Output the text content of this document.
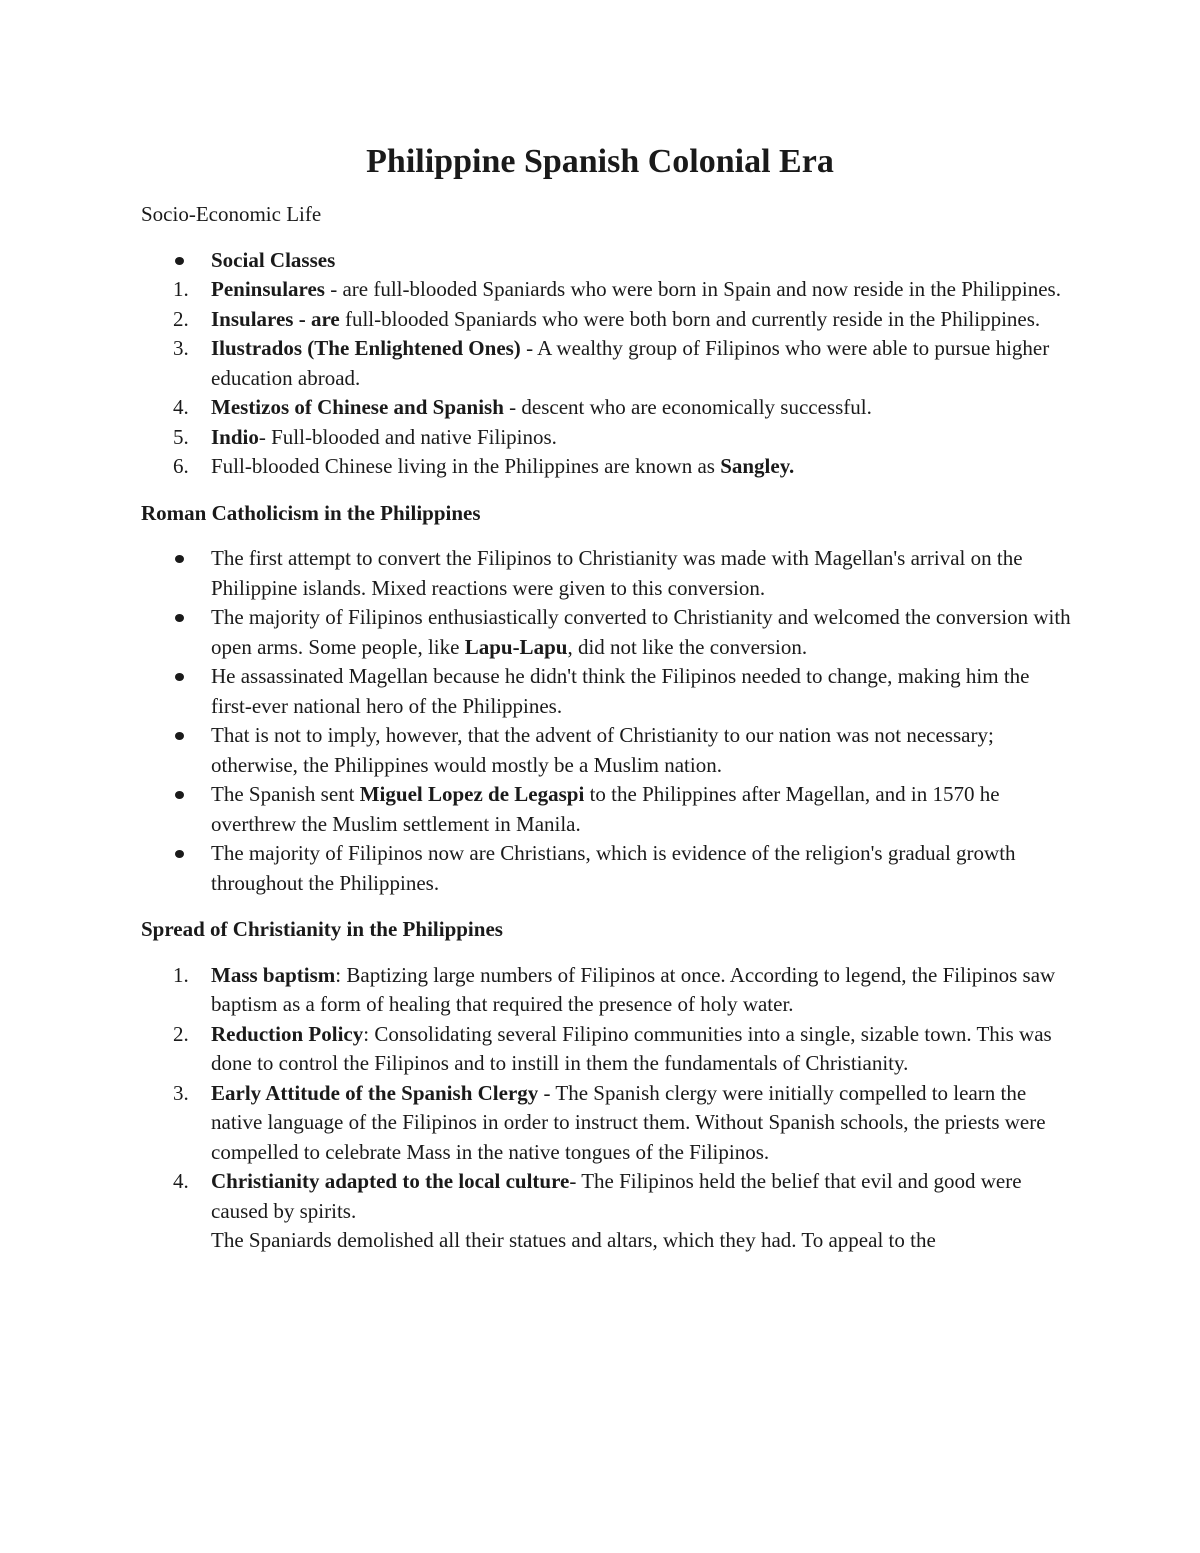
Philippine Spanish Colonial Era

Socio-Economic Life

Social Classes
1. Peninsulares - are full-blooded Spaniards who were born in Spain and now reside in the Philippines.
2. Insulares - are full-blooded Spaniards who were both born and currently reside in the Philippines.
3. Ilustrados (The Enlightened Ones) - A wealthy group of Filipinos who were able to pursue higher education abroad.
4. Mestizos of Chinese and Spanish - descent who are economically successful.
5. Indio- Full-blooded and native Filipinos.
6. Full-blooded Chinese living in the Philippines are known as Sangley.

Roman Catholicism in the Philippines

The first attempt to convert the Filipinos to Christianity was made with Magellan's arrival on the Philippine islands. Mixed reactions were given to this conversion.
The majority of Filipinos enthusiastically converted to Christianity and welcomed the conversion with open arms. Some people, like Lapu-Lapu, did not like the conversion.
He assassinated Magellan because he didn't think the Filipinos needed to change, making him the first-ever national hero of the Philippines.
That is not to imply, however, that the advent of Christianity to our nation was not necessary; otherwise, the Philippines would mostly be a Muslim nation.
The Spanish sent Miguel Lopez de Legaspi to the Philippines after Magellan, and in 1570 he overthrew the Muslim settlement in Manila.
The majority of Filipinos now are Christians, which is evidence of the religion's gradual growth throughout the Philippines.

Spread of Christianity in the Philippines

1. Mass baptism: Baptizing large numbers of Filipinos at once. According to legend, the Filipinos saw baptism as a form of healing that required the presence of holy water.
2. Reduction Policy: Consolidating several Filipino communities into a single, sizable town. This was done to control the Filipinos and to instill in them the fundamentals of Christianity.
3. Early Attitude of the Spanish Clergy - The Spanish clergy were initially compelled to learn the native language of the Filipinos in order to instruct them. Without Spanish schools, the priests were compelled to celebrate Mass in the native tongues of the Filipinos.
4. Christianity adapted to the local culture- The Filipinos held the belief that evil and good were caused by spirits.
The Spaniards demolished all their statues and altars, which they had. To appeal to the
